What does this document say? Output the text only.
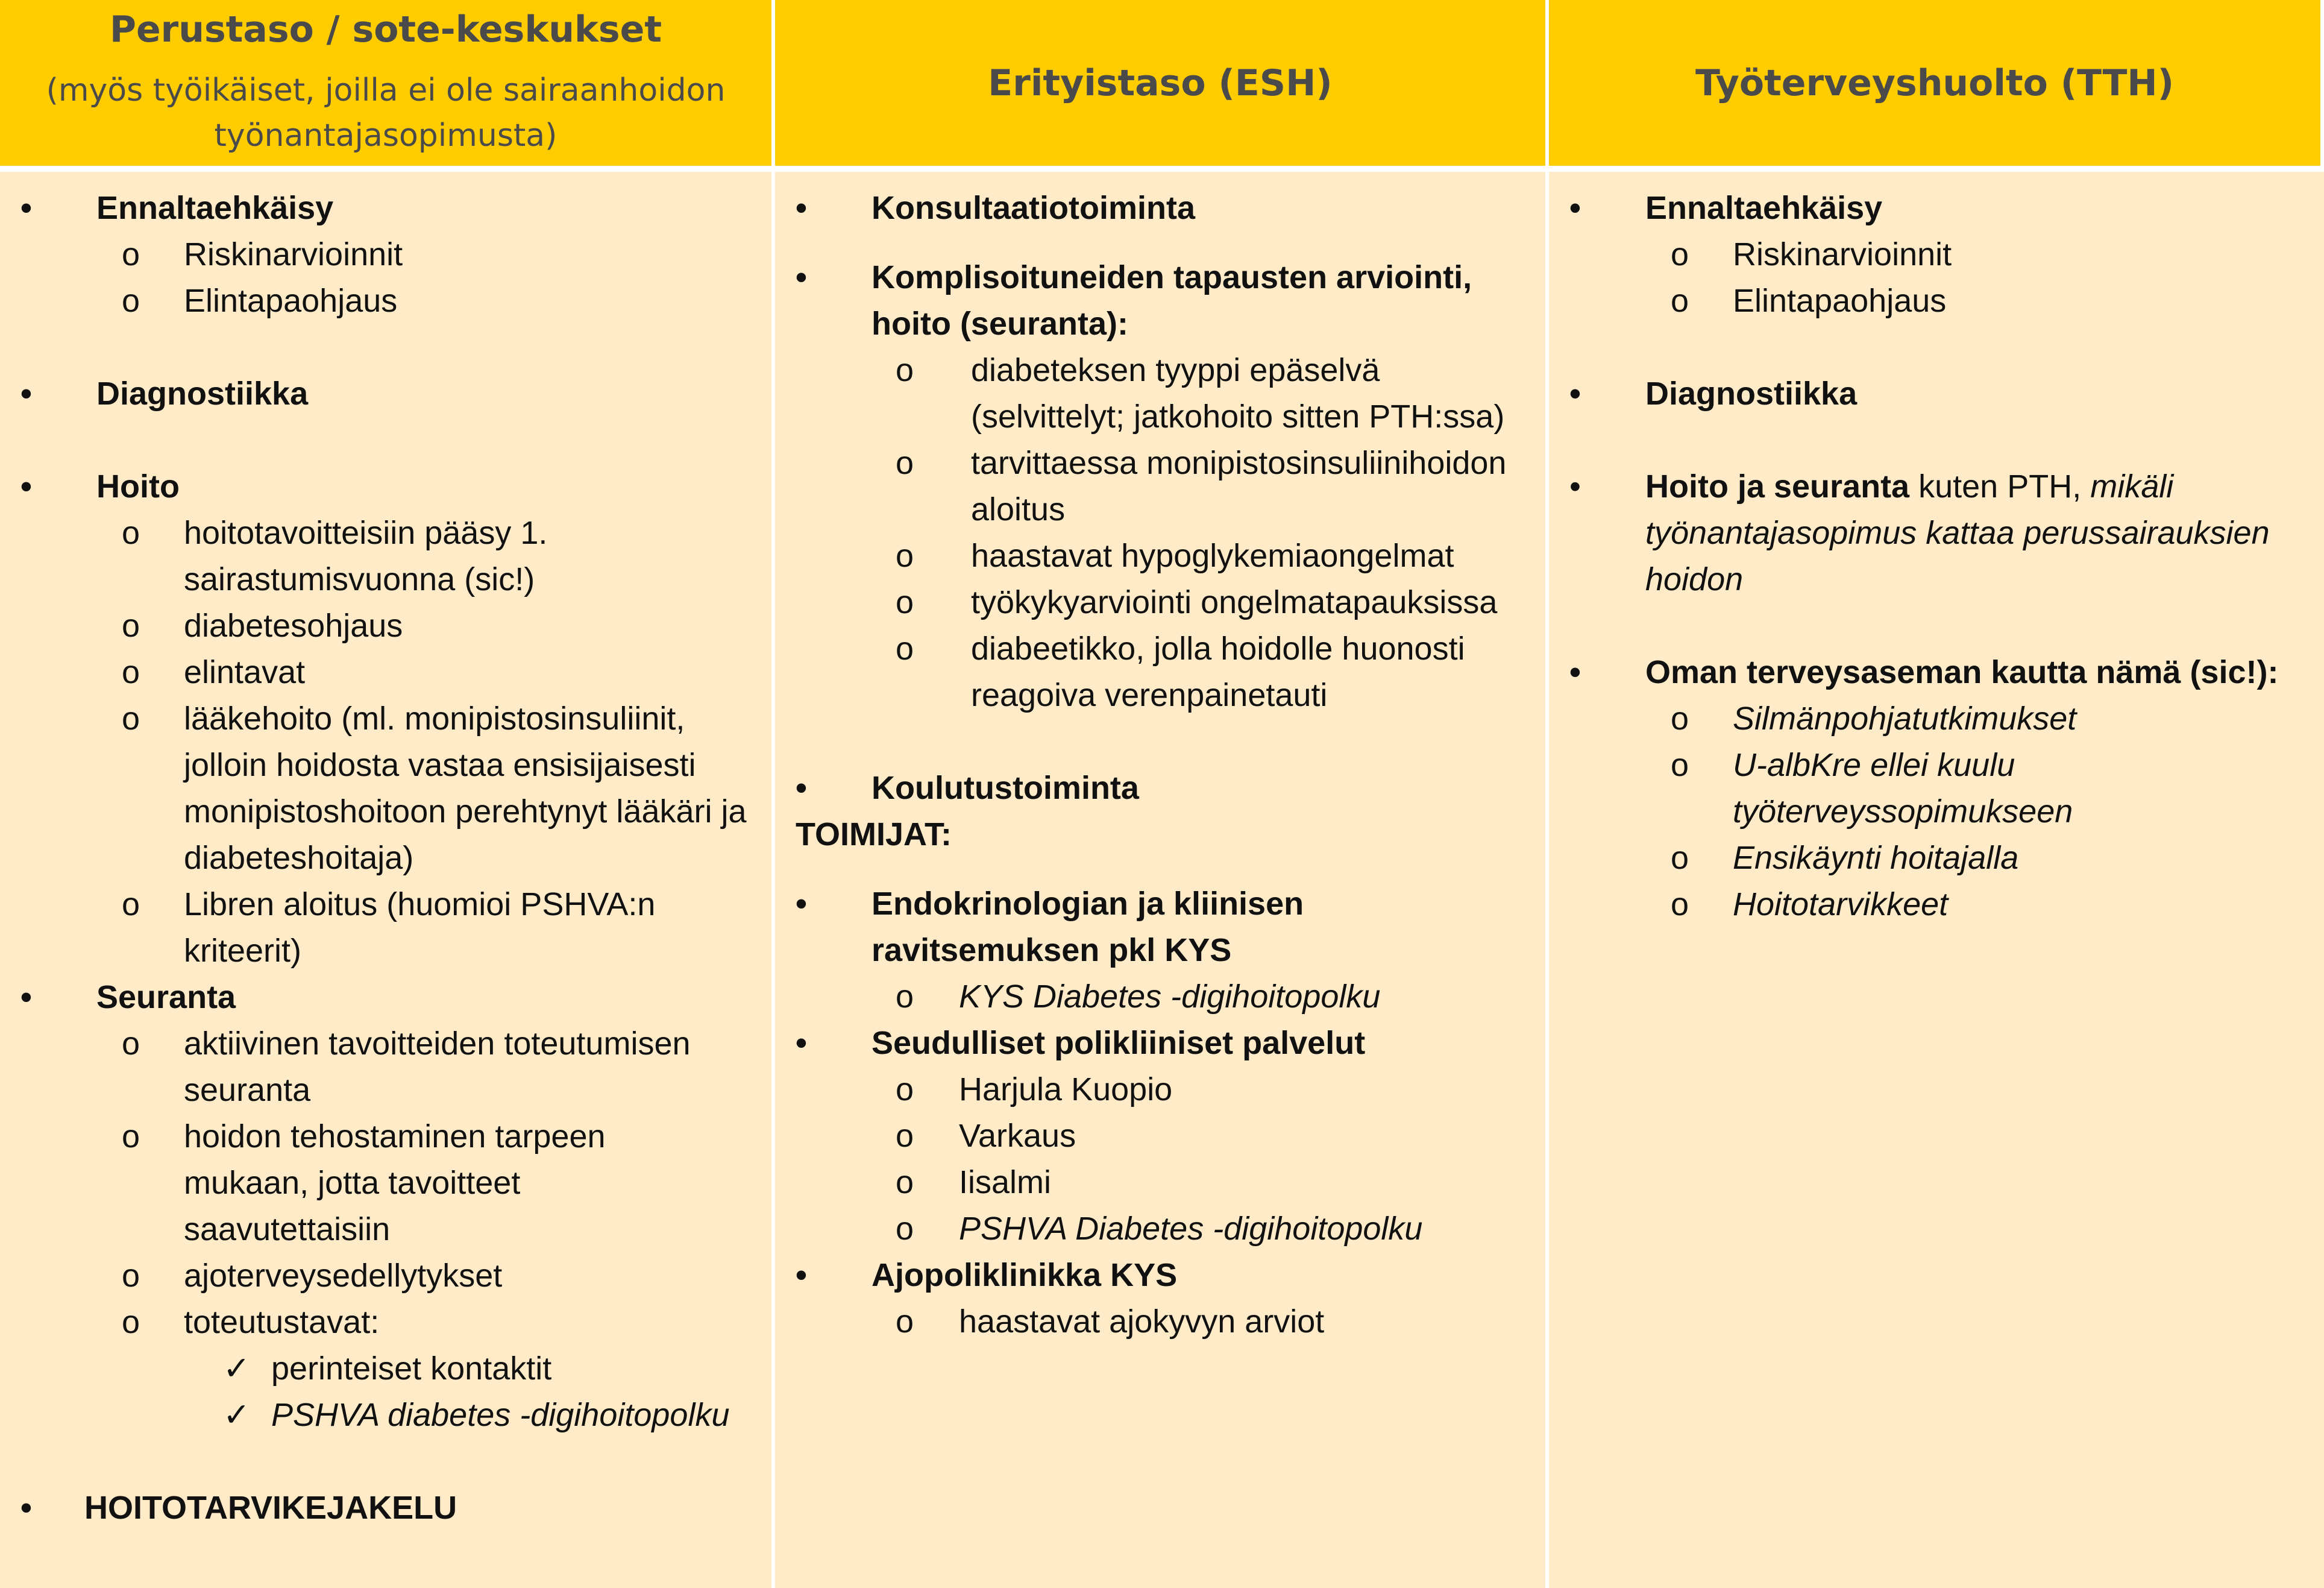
Perustaso / sote-keskukset
(myös työikäiset, joilla ei ole sairaanhoidon työnantajasopimusta)
Erityistaso (ESH)	Työterveyshuolto (TTH)
• Ennaltaehkäisy
o Riskinarvioinnit
o Elintapaohjaus
• Diagnostiikka
• Hoito
o hoitotavoitteisiin pääsy 1. sairastumisvuonna (sic!)
o diabetesohjaus
o elintavat
o lääkehoito (ml. monipistosinsuliinit, jolloin hoidosta vastaa ensisijaisesti monipistoshoitoon perehtynyt lääkäri ja diabeteshoitaja)
o Libren aloitus (huomioi PSHVA:n kriteerit)
• Seuranta
o aktiivinen tavoitteiden toteutumisen seuranta
o hoidon tehostaminen tarpeen mukaan, jotta tavoitteet saavutettaisiin
o ajoterveysedellytykset
o toteutustavat:
✓ perinteiset kontaktit
✓ PSHVA diabetes -digihoitopolku
• HOITOTARVIKEJAKELU
• Konsultaatiotoiminta
• Komplisoituneiden tapausten arviointi, hoito (seuranta):
o diabeteksen tyyppi epäselvä (selvittelyt; jatkohoito sitten PTH:ssa)
o tarvittaessa monipistosinsuliinihoidon aloitus
o haastavat hypoglykemiaongelmat
o työkykyarviointi ongelmatapauksissa
o diabeetikko, jolla hoidolle huonosti reagoiva verenpainetauti
• Koulutustoiminta
TOIMIJAT:
• Endokrinologian ja kliinisen ravitsemuksen pkl KYS
o KYS Diabetes -digihoitopolku
• Seudulliset polikliiniset palvelut
o Harjula Kuopio
o Varkaus
o Iisalmi
o PSHVA Diabetes -digihoitopolku
• Ajopoliklinikka KYS
o haastavat ajokyvyn arviot
• Ennaltaehkäisy
o Riskinarvioinnit
o Elintapaohjaus
• Diagnostiikka
• Hoito ja seuranta kuten PTH, mikäli työnantajasopimus kattaa perussairauksien hoidon
• Oman terveysaseman kautta nämä (sic!):
o Silmänpohjatutkimukset
o U-albKre ellei kuulu työterveyssopimukseen
o Ensikäynti hoitajalla
o Hoitotarvikkeet
